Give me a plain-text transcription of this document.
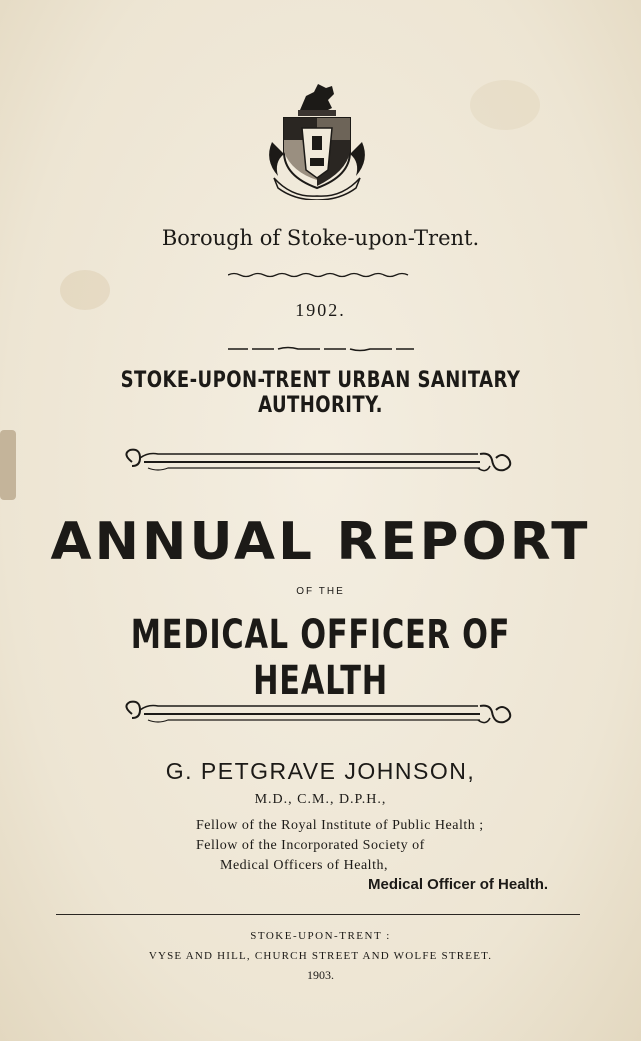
Borough of Stoke-upon-Trent.
1902.
STOKE-UPON-TRENT URBAN SANITARY AUTHORITY.
ANNUAL REPORT
OF THE
MEDICAL OFFICER OF HEALTH
G. PETGRAVE JOHNSON,
M.D., C.M., D.P.H.,
Fellow of the Royal Institute of Public Health ;
Fellow of the Incorporated Society of
Medical Officers of Health,
Medical Officer of Health.
STOKE-UPON-TRENT :
VYSE AND HILL, CHURCH STREET AND WOLFE STREET.
1903.
